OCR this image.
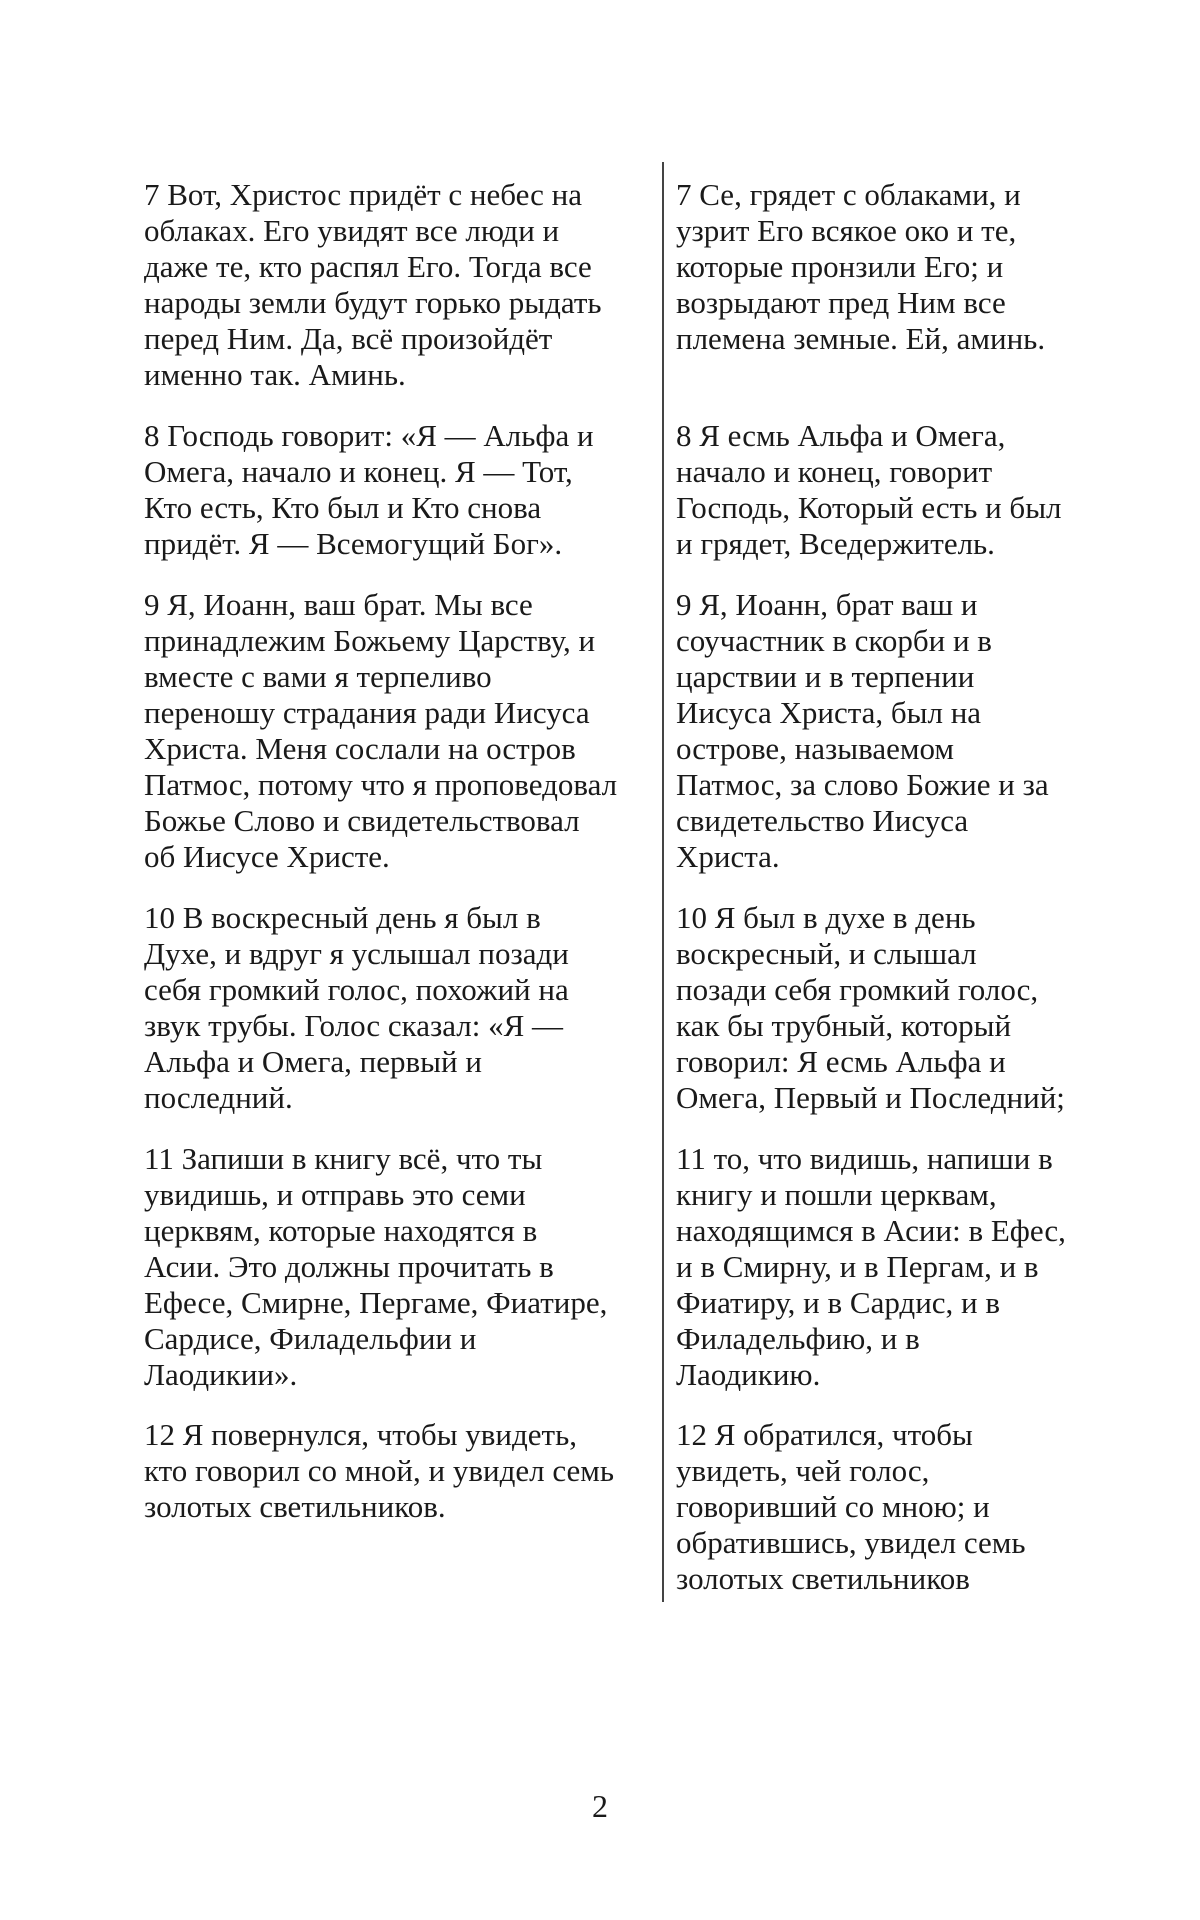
7 Вот, Христос придёт с небес на
облаках. Его увидят все люди и
даже те, кто распял Его. Тогда все
народы земли будут горько рыдать
перед Ним. Да, всё произойдёт
именно так. Аминь.

8 Господь говорит: «Я — Альфа и
Омега, начало и конец. Я — Тот,
Кто есть, Кто был и Кто снова
придёт. Я — Всемогущий Бог».

9 Я, Иоанн, ваш брат. Мы все
принадлежим Божьему Царству, и
вместе с вами я терпеливо
переношу страдания ради Иисуса
Христа. Меня сослали на остров
Патмос, потому что я проповедовал
Божье Слово и свидетельствовал
об Иисусе Христе.

10 В воскресный день я был в
Духе, и вдруг я услышал позади
себя громкий голос, похожий на
звук трубы. Голос сказал: «Я —
Альфа и Омега, первый и
последний.

11 Запиши в книгу всё, что ты
увидишь, и отправь это семи
церквям, которые находятся в
Асии. Это должны прочитать в
Ефесе, Смирне, Пергаме, Фиатире,
Сардисе, Филадельфии и
Лаодикии».

12 Я повернулся, чтобы увидеть,
кто говорил со мной, и увидел семь
золотых светильников.

7 Се, грядет с облаками, и
узрит Его всякое око и те,
которые пронзили Его; и
возрыдают пред Ним все
племена земные. Ей, аминь.

8 Я есмь Альфа и Омега,
начало и конец, говорит
Господь, Который есть и был
и грядет, Вседержитель.

9 Я, Иоанн, брат ваш и
соучастник в скорби и в
царствии и в терпении
Иисуса Христа, был на
острове, называемом
Патмос, за слово Божие и за
свидетельство Иисуса
Христа.

10 Я был в духе в день
воскресный, и слышал
позади себя громкий голос,
как бы трубный, который
говорил: Я есмь Альфа и
Омега, Первый и Последний;

11 то, что видишь, напиши в
книгу и пошли церквам,
находящимся в Асии: в Ефес,
и в Смирну, и в Пергам, и в
Фиатиру, и в Сардис, и в
Филадельфию, и в
Лаодикию.

12 Я обратился, чтобы
увидеть, чей голос,
говоривший со мною; и
обратившись, увидел семь
золотых светильников

2
